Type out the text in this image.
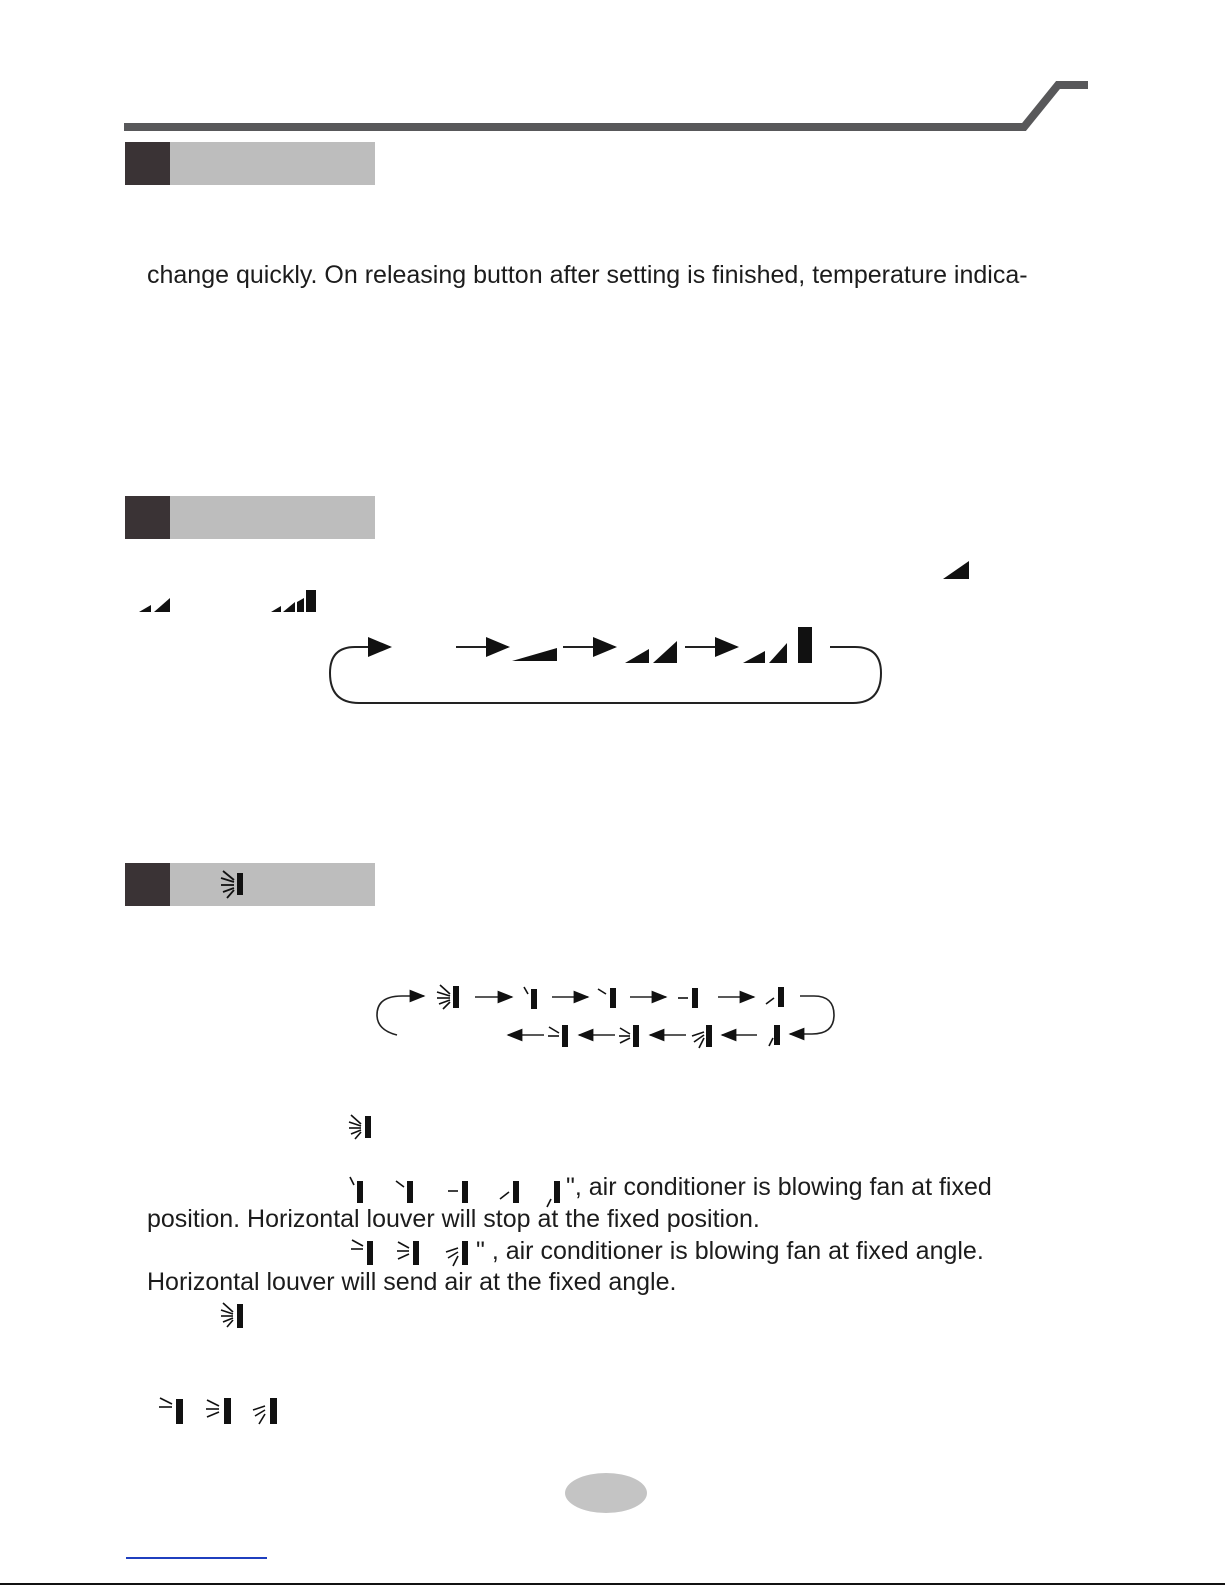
change quickly. On releasing button after setting is finished, temperature indica-
", air conditioner is blowing fan at fixed
position. Horizontal louver will stop at the fixed position.
" , air conditioner is blowing fan at fixed angle.
Horizontal louver will send air at the fixed angle.
